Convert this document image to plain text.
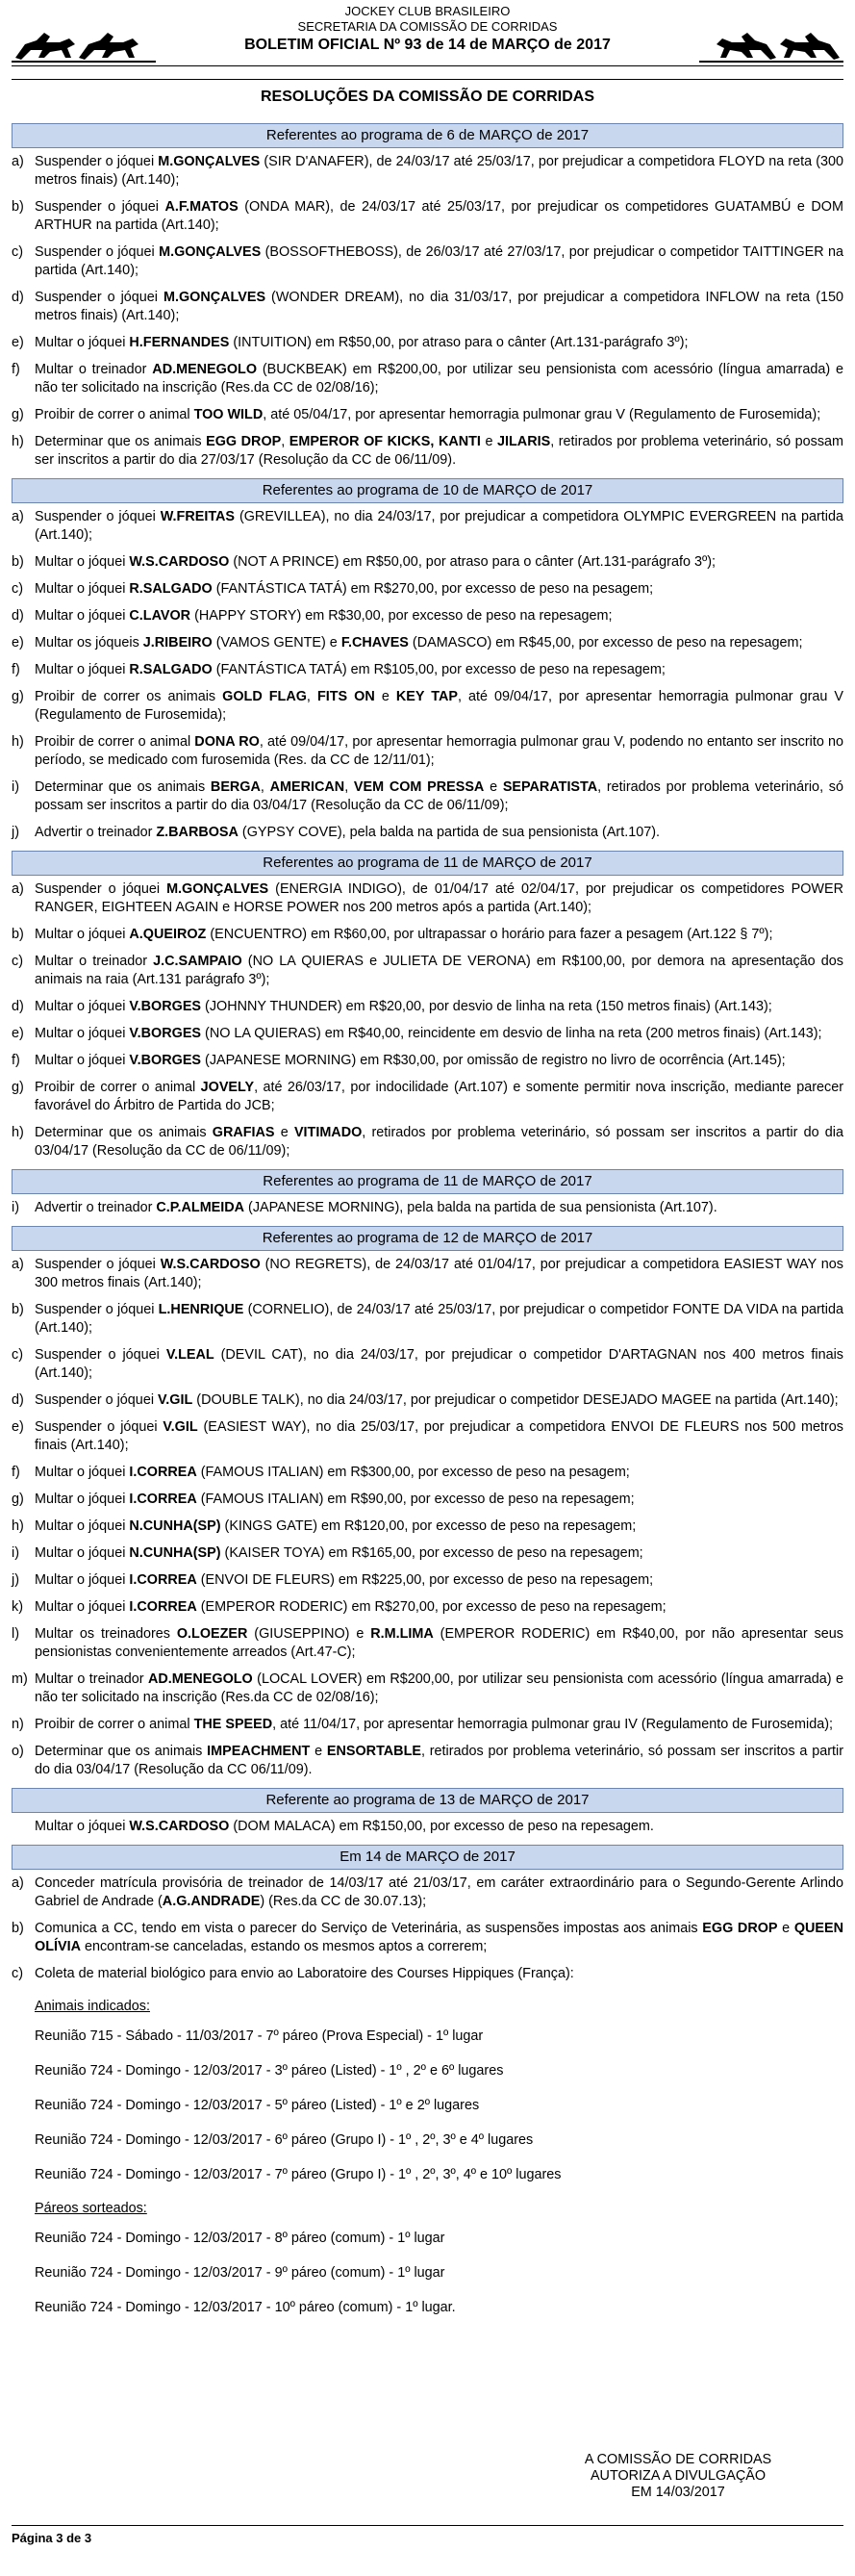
JOCKEY CLUB BRASILEIRO
SECRETARIA DA COMISSÃO DE CORRIDAS
BOLETIM OFICIAL Nº 93 de 14 de MARÇO de 2017
RESOLUÇÕES DA COMISSÃO DE CORRIDAS
Referentes ao programa de 6 de MARÇO de 2017
a) Suspender o jóquei M.GONÇALVES (SIR D'ANAFER), de 24/03/17 até 25/03/17, por prejudicar a competidora FLOYD na reta (300 metros finais) (Art.140);
b) Suspender o jóquei A.F.MATOS (ONDA MAR), de 24/03/17 até 25/03/17, por prejudicar os competidores GUATAMBÚ e DOM ARTHUR na partida (Art.140);
c) Suspender o jóquei M.GONÇALVES (BOSSOFTHEBOSS), de 26/03/17 até 27/03/17, por prejudicar o competidor TAITTINGER na partida (Art.140);
d) Suspender o jóquei M.GONÇALVES (WONDER DREAM), no dia 31/03/17, por prejudicar a competidora INFLOW na reta (150 metros finais) (Art.140);
e) Multar o jóquei H.FERNANDES (INTUITION) em R$50,00, por atraso para o cânter (Art.131-parágrafo 3º);
f)	Multar o treinador AD.MENEGOLO (BUCKBEAK) em R$200,00, por utilizar seu pensionista com acessório (língua amarrada) e não ter solicitado na inscrição (Res.da CC de 02/08/16);
g) Proibir de correr o animal TOO WILD, até 05/04/17, por apresentar hemorragia pulmonar grau V (Regulamento de Furosemida);
h) Determinar que os animais EGG DROP, EMPEROR OF KICKS, KANTI e JILARIS, retirados por problema veterinário, só possam ser inscritos a partir do dia 27/03/17 (Resolução da CC de 06/11/09).
Referentes ao programa de 10 de MARÇO de 2017
a) Suspender o jóquei W.FREITAS (GREVILLEA), no dia 24/03/17, por prejudicar a competidora OLYMPIC EVERGREEN na partida (Art.140);
b) Multar o jóquei W.S.CARDOSO (NOT A PRINCE) em R$50,00, por atraso para o cânter (Art.131-parágrafo 3º);
c) Multar o jóquei R.SALGADO (FANTÁSTICA TATÁ) em R$270,00, por excesso de peso na pesagem;
d) Multar o jóquei C.LAVOR (HAPPY STORY) em R$30,00, por excesso de peso na repesagem;
e) Multar os jóqueis J.RIBEIRO (VAMOS GENTE) e F.CHAVES (DAMASCO) em R$45,00, por excesso de peso na repesagem;
f)	Multar o jóquei R.SALGADO (FANTÁSTICA TATÁ) em R$105,00, por excesso de peso na repesagem;
g) Proibir de correr os animais GOLD FLAG, FITS ON e KEY TAP, até 09/04/17, por apresentar hemorragia pulmonar grau V (Regulamento de Furosemida);
h) Proibir de correr o animal DONA RO, até 09/04/17, por apresentar hemorragia pulmonar grau V, podendo no entanto ser inscrito no período, se medicado com furosemida (Res. da CC de 12/11/01);
i)	Determinar que os animais BERGA, AMERICAN, VEM COM PRESSA e SEPARATISTA, retirados por problema veterinário, só possam ser inscritos a partir do dia 03/04/17 (Resolução da CC de 06/11/09);
j)	Advertir o treinador Z.BARBOSA (GYPSY COVE), pela balda na partida de sua pensionista (Art.107).
Referentes ao programa de 11 de MARÇO de 2017
a) Suspender o jóquei M.GONÇALVES (ENERGIA INDIGO), de 01/04/17 até 02/04/17, por prejudicar os competidores POWER RANGER, EIGHTEEN AGAIN e HORSE POWER nos 200 metros após a partida (Art.140);
b) Multar o jóquei A.QUEIROZ (ENCUENTRO) em R$60,00, por ultrapassar o horário para fazer a pesagem (Art.122 § 7º);
c) Multar o treinador J.C.SAMPAIO (NO LA QUIERAS e JULIETA DE VERONA) em R$100,00, por demora na apresentação dos animais na raia (Art.131 parágrafo 3º);
d) Multar o jóquei V.BORGES (JOHNNY THUNDER) em R$20,00, por desvio de linha na reta (150 metros finais) (Art.143);
e) Multar o jóquei V.BORGES (NO LA QUIERAS) em R$40,00, reincidente em desvio de linha na reta (200 metros finais) (Art.143);
f)	Multar o jóquei V.BORGES (JAPANESE MORNING) em R$30,00, por omissão de registro no livro de ocorrência (Art.145);
g) Proibir de correr o animal JOVELY, até 26/03/17, por indocilidade (Art.107) e somente permitir nova inscrição, mediante parecer favorável do Árbitro de Partida do JCB;
h) Determinar que os animais GRAFIAS e VITIMADO, retirados por problema veterinário, só possam ser inscritos a partir do dia 03/04/17 (Resolução da CC de 06/11/09);
Referentes ao programa de 11 de MARÇO de 2017
i)	Advertir o treinador C.P.ALMEIDA (JAPANESE MORNING), pela balda na partida de sua pensionista (Art.107).
Referentes ao programa de 12 de MARÇO de 2017
a) Suspender o jóquei W.S.CARDOSO (NO REGRETS), de 24/03/17 até 01/04/17, por prejudicar a competidora EASIEST WAY nos 300 metros finais (Art.140);
b) Suspender o jóquei L.HENRIQUE (CORNELIO), de 24/03/17 até 25/03/17, por prejudicar o competidor FONTE DA VIDA na partida (Art.140);
c) Suspender o jóquei V.LEAL (DEVIL CAT), no dia 24/03/17, por prejudicar o competidor D'ARTAGNAN nos 400 metros finais (Art.140);
d) Suspender o jóquei V.GIL (DOUBLE TALK), no dia 24/03/17, por prejudicar o competidor DESEJADO MAGEE na partida (Art.140);
e) Suspender o jóquei V.GIL (EASIEST WAY), no dia 25/03/17, por prejudicar a competidora ENVOI DE FLEURS nos 500 metros finais (Art.140);
f)	Multar o jóquei I.CORREA (FAMOUS ITALIAN) em R$300,00, por excesso de peso na pesagem;
g) Multar o jóquei I.CORREA (FAMOUS ITALIAN) em R$90,00, por excesso de peso na repesagem;
h) Multar o jóquei N.CUNHA(SP) (KINGS GATE) em R$120,00, por excesso de peso na repesagem;
i)	Multar o jóquei N.CUNHA(SP) (KAISER TOYA) em R$165,00, por excesso de peso na repesagem;
j)	Multar o jóquei I.CORREA (ENVOI DE FLEURS) em R$225,00, por excesso de peso na repesagem;
k) Multar o jóquei I.CORREA (EMPEROR RODERIC) em R$270,00, por excesso de peso na repesagem;
l)	Multar os treinadores O.LOEZER (GIUSEPPINO) e R.M.LIMA (EMPEROR RODERIC) em R$40,00, por não apresentar seus pensionistas convenientemente arreados (Art.47-C);
m) Multar o treinador AD.MENEGOLO (LOCAL LOVER) em R$200,00, por utilizar seu pensionista com acessório (língua amarrada) e não ter solicitado na inscrição (Res.da CC de 02/08/16);
n) Proibir de correr o animal THE SPEED, até 11/04/17, por apresentar hemorragia pulmonar grau IV (Regulamento de Furosemida);
o) Determinar que os animais IMPEACHMENT e ENSORTABLE, retirados por problema veterinário, só possam ser inscritos a partir do dia 03/04/17 (Resolução da CC 06/11/09).
Referente ao programa de 13 de MARÇO de 2017
Multar o jóquei W.S.CARDOSO (DOM MALACA) em R$150,00, por excesso de peso na repesagem.
Em 14 de MARÇO de 2017
a) Conceder matrícula provisória de treinador de 14/03/17 até 21/03/17, em caráter extraordinário para o Segundo-Gerente Arlindo Gabriel de Andrade (A.G.ANDRADE) (Res.da CC de 30.07.13);
b) Comunica a CC, tendo em vista o parecer do Serviço de Veterinária, as suspensões impostas aos animais EGG DROP e QUEEN OLÍVIA encontram-se canceladas, estando os mesmos aptos a correrem;
c) Coleta de material biológico para envio ao Laboratoire des Courses Hippiques (França):
Animais indicados:
Reunião 715 - Sábado - 11/03/2017 - 7º páreo (Prova Especial) - 1º lugar
Reunião 724 - Domingo - 12/03/2017 - 3º páreo (Listed) - 1º , 2º e 6º lugares
Reunião 724 - Domingo - 12/03/2017 - 5º páreo (Listed) - 1º e 2º lugares
Reunião 724 - Domingo - 12/03/2017 - 6º páreo (Grupo I) - 1º , 2º, 3º e 4º lugares
Reunião 724 - Domingo - 12/03/2017 - 7º páreo (Grupo I) - 1º , 2º, 3º, 4º e 10º lugares
Páreos sorteados:
Reunião 724 - Domingo - 12/03/2017 - 8º páreo (comum) - 1º lugar
Reunião 724 - Domingo - 12/03/2017 - 9º páreo (comum) - 1º lugar
Reunião 724 - Domingo - 12/03/2017 - 10º páreo (comum) - 1º lugar.
A COMISSÃO DE CORRIDAS
AUTORIZA A DIVULGAÇÃO
EM 14/03/2017
Página 3 de 3
